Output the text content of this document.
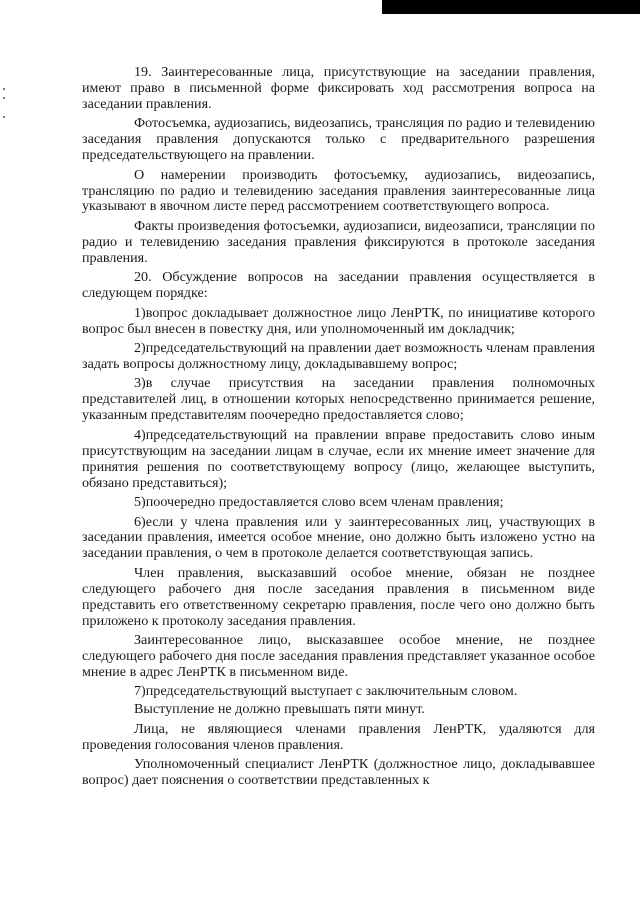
19. Заинтересованные лица, присутствующие на заседании правления, имеют право в письменной форме фиксировать ход рассмотрения вопроса на заседании правления.

Фотосъемка, аудиозапись, видеозапись, трансляция по радио и телевидению заседания правления допускаются только с предварительного разрешения председательствующего на правлении.

О намерении производить фотосъемку, аудиозапись, видеозапись, трансляцию по радио и телевидению заседания правления заинтересованные лица указывают в явочном листе перед рассмотрением соответствующего вопроса.

Факты произведения фотосъемки, аудиозаписи, видеозаписи, трансляции по радио и телевидению заседания правления фиксируются в протоколе заседания правления.

20. Обсуждение вопросов на заседании правления осуществляется в следующем порядке:

1)вопрос докладывает должностное лицо ЛенРТК, по инициативе которого вопрос был внесен в повестку дня, или уполномоченный им докладчик;

2)председательствующий на правлении дает возможность членам правления задать вопросы должностному лицу, докладывавшему вопрос;

3)в случае присутствия на заседании правления полномочных представителей лиц, в отношении которых непосредственно принимается решение, указанным представителям поочередно предоставляется слово;

4)председательствующий на правлении вправе предоставить слово иным присутствующим на заседании лицам в случае, если их мнение имеет значение для принятия решения по соответствующему вопросу (лицо, желающее выступить, обязано представиться);

5)поочередно предоставляется слово всем членам правления;

6)если у члена правления или у заинтересованных лиц, участвующих в заседании правления, имеется особое мнение, оно должно быть изложено устно на заседании правления, о чем в протоколе делается соответствующая запись.

Член правления, высказавший особое мнение, обязан не позднее следующего рабочего дня после заседания правления в письменном виде представить его ответственному секретарю правления, после чего оно должно быть приложено к протоколу заседания правления.

Заинтересованное лицо, высказавшее особое мнение, не позднее следующего рабочего дня после заседания правления представляет указанное особое мнение в адрес ЛенРТК в письменном виде.

7)председательствующий выступает с заключительным словом.

Выступление не должно превышать пяти минут.

Лица, не являющиеся членами правления ЛенРТК, удаляются для проведения голосования членов правления.

Уполномоченный специалист ЛенРТК (должностное лицо, докладывавшее вопрос) дает пояснения о соответствии представленных к
